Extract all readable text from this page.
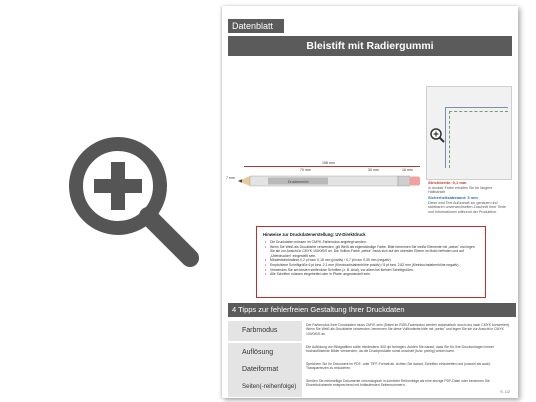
Datenblatt
Bleistift mit Radiergummi
Strichbreite: 0,1 mm
in dunkler Farbe erhalten Sie für längere Haltbarkeit
Sicherheitsabstand: 3 mm
Diese wird Text Außenhalt zur genauen und sichtbaren unverwechselten Zuschnitt Ihrer Texte und Informationen während der Produktion.
198 mm
70 mm	30 mm	16 mm
7 mm
Druckbereich
Hinweise zur Druckdatenerstellung: UV-Direktdruck
• Die Druckdaten müssen im CMYK-Farbmodus angelegt werden.
• Wenn Sie Weiß als Druckfarbe verwenden, gilt Weiß als eigenständige Farbe. Bitte benennen Sie weiße Elemente mit „weiss" und legen Sie sie zur Ansicht in CMYK 100/0/0/0 an. Die Vollton-Farbe „weiss" muss sich auf der obersten Ebene im Motiv befinden und auf „Überdrucken" eingestellt sein.
• Mindeststrichstärke 0,2 pt bzw. 0,18 mm (positiv) / 0,7 pt bzw. 0,35 mm (negativ)
• Empfohlene Schriftgröße 6 pt bzw. 2,1 mm (Kleinbuchstabenhöhe positiv) / 8 pt bzw. 2,82 mm (Kleinbuchstabenhöhe negativ)
• Verwenden Sie am besten serifenlose Schriften (z. B. Arial), vor allem bei kleinen Schriftgrößen.
• Alle Schriften müssen eingebettet oder in Pfade umgewandelt sein.
4 Tipps zur fehlerfreien Gestaltung Ihrer Druckdaten
Farbmodus
Der Farbmodus Ihrer Druckdaten muss CMYK sein (Daten im RGB-Farbmodus werden automatisch durch uns nach CMYK konvertiert). Wenn Sie Weiß als Druckfarbe verwenden, benennen Sie diese Volltonfarbe bitte mit „weiss" und legen Sie sie zur Ansicht in CMYK 100/0/0/0 an.
Auflösung
Die Auflösung von Bildgrafiken sollte mindestens 300 dpi betragen. Achten Sie darauf, dass Sie für Ihre Druckvorlagen immer hochauflösende Bilder verwenden, da die Druckprodukte sonst unscharf (bzw. pixelig) wirken kann.
Dateiformat
Speichern Sie Ihr Dokument im PDF- oder TIFF-Format ab. Achten Sie darauf, Schriften einzubetten und (sowohl als auch) Transparenzen zu reduzieren.
Seiten(-reihenfolge)
Senden Sie mehrseitige Dokumente chronologisch in korrekter Reihenfolge als eine einzige PDF-Datei oder benennen Sie Einzeldokumente entsprechend mit fortlaufenden Seitennummern.
S. 1/2
